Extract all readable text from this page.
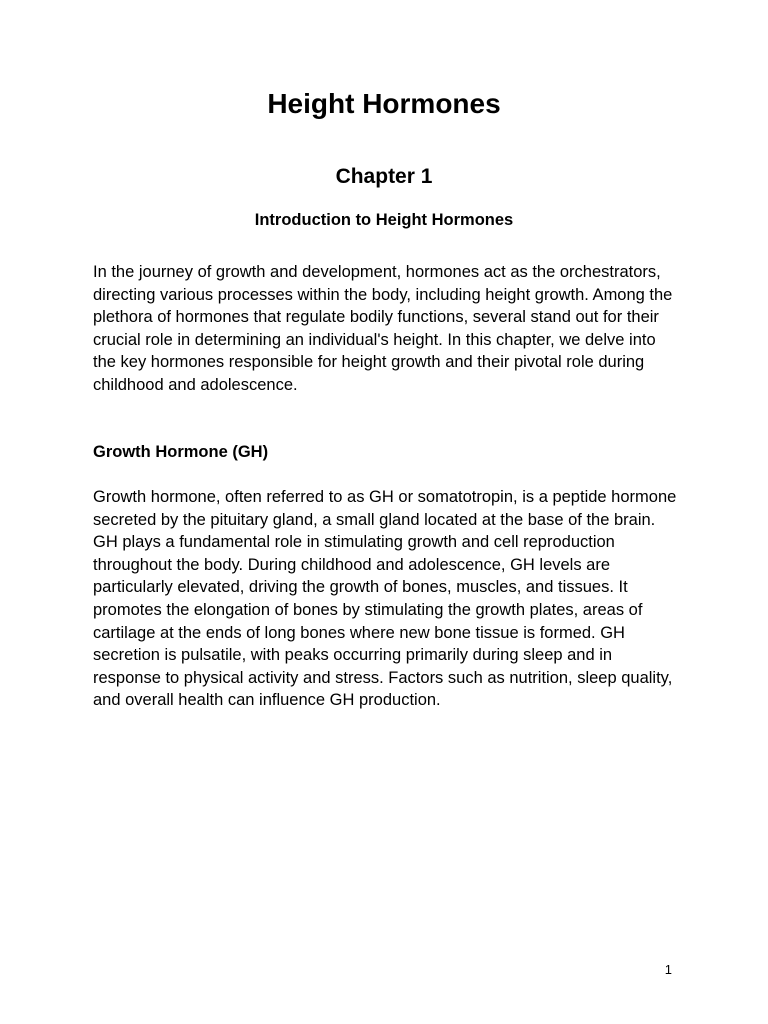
Height Hormones
Chapter 1
Introduction to Height Hormones

In the journey of growth and development, hormones act as the orchestrators, directing various processes within the body, including height growth. Among the plethora of hormones that regulate bodily functions, several stand out for their crucial role in determining an individual's height. In this chapter, we delve into the key hormones responsible for height growth and their pivotal role during childhood and adolescence.

Growth Hormone (GH)

Growth hormone, often referred to as GH or somatotropin, is a peptide hormone secreted by the pituitary gland, a small gland located at the base of the brain. GH plays a fundamental role in stimulating growth and cell reproduction throughout the body. During childhood and adolescence, GH levels are particularly elevated, driving the growth of bones, muscles, and tissues. It promotes the elongation of bones by stimulating the growth plates, areas of cartilage at the ends of long bones where new bone tissue is formed. GH secretion is pulsatile, with peaks occurring primarily during sleep and in response to physical activity and stress. Factors such as nutrition, sleep quality, and overall health can influence GH production.

1
